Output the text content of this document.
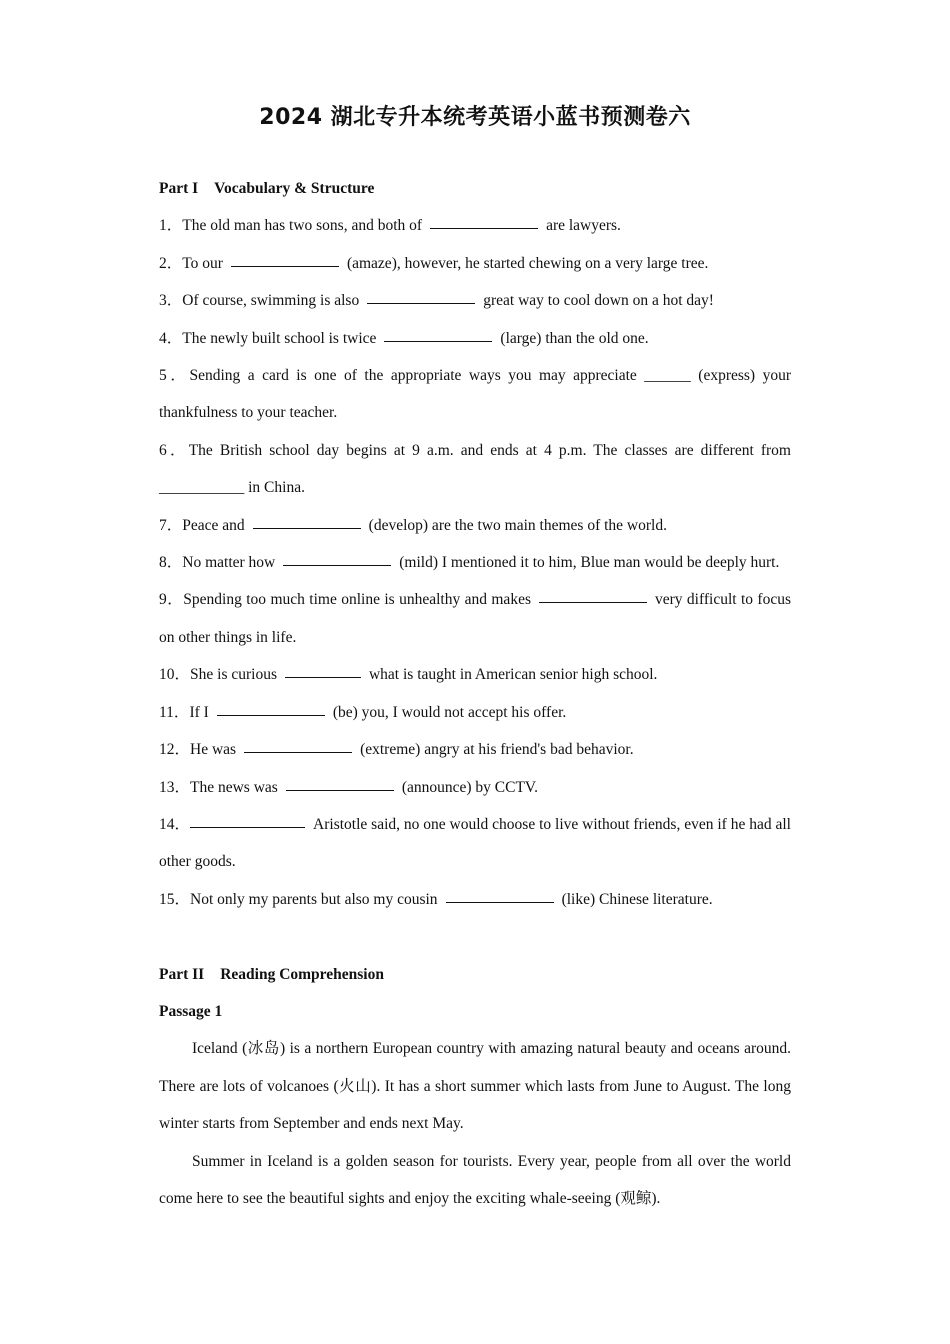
2024 湖北专升本统考英语小蓝书预测卷六

Part I Vocabulary & Structure

1．The old man has two sons, and both of	are lawyers.

2．To our	(amaze), however, he started chewing on a very large tree.

3．Of course, swimming is also	great way to cool down on a hot day!

4．The newly built school is twice	(large) than the old one.

5．Sending a card is one of the appropriate ways you may appreciate ______ (express) your thankfulness to your teacher.

6．The British school day begins at 9 a.m. and ends at 4 p.m. The classes are different from ___________ in China.

7．Peace and	(develop) are the two main themes of the world.

8．No matter how	(mild) I mentioned it to him, Blue man would be deeply hurt.

9．Spending too much time online is unhealthy and makes	very difficult to focus on other things in life.

10．She is curious	what is taught in American senior high school.

11．If I	(be) you, I would not accept his offer.

12．He was	(extreme) angry at his friend's bad behavior.

13．The news was	(announce) by CCTV.

14．	Aristotle said, no one would choose to live without friends, even if he had all other goods.

15．Not only my parents but also my cousin	(like) Chinese literature.

Part II Reading Comprehension

Passage 1

Iceland (冰岛) is a northern European country with amazing natural beauty and oceans around. There are lots of volcanoes (火山). It has a short summer which lasts from June to August. The long winter starts from September and ends next May.

Summer in Iceland is a golden season for tourists. Every year, people from all over the world come here to see the beautiful sights and enjoy the exciting whale-seeing (观鲸).
